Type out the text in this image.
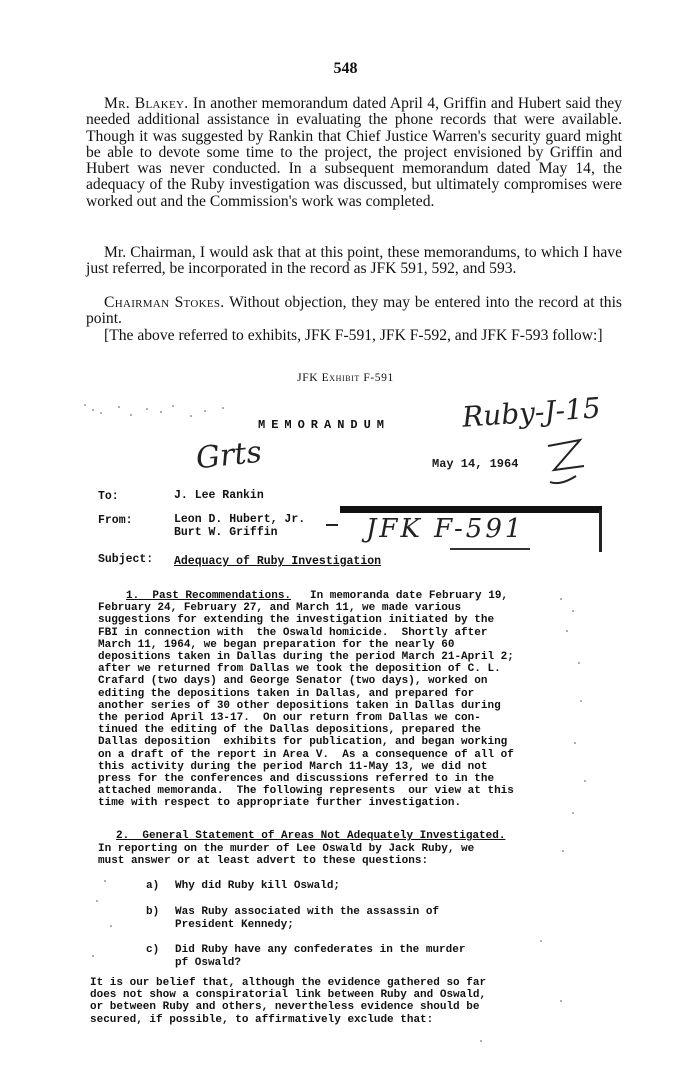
548
Mr. Blakey. In another memorandum dated April 4, Griffin and Hubert said they needed additional assistance in evaluating the phone records that were available. Though it was suggested by Rankin that Chief Justice Warren's security guard might be able to devote some time to the project, the project envisioned by Griffin and Hubert was never conducted. In a subsequent memorandum dated May 14, the adequacy of the Ruby investigation was discussed, but ultimately compromises were worked out and the Commission's work was completed.
Mr. Chairman, I would ask that at this point, these memorandums, to which I have just referred, be incorporated in the record as JFK 591, 592, and 593.
Chairman Stokes. Without objection, they may be entered into the record at this point.
[The above referred to exhibits, JFK F-591, JFK F-592, and JFK F-593 follow:]
JFK Exhibit F-591
MEMORANDUM	Ruby-J-15
Grts	May 14, 1964
To:	J. Lee Rankin
From:	Leon D. Hubert, Jr.
Burt W. Griffin	JFK F-591
Subject: Adequacy of Ruby Investigation
1.  Past Recommendations.	In memoranda date February 19,
February 24, February 27, and March 11, we made various
suggestions for extending the investigation initiated by the
FBI in connection with  the Oswald homicide.  Shortly after
March 11, 1964, we began preparation for the nearly 60
depositions taken in Dallas during the period March 21-April 2;
after we returned from Dallas we took the deposition of C. L.
Crafard (two days) and George Senator (two days), worked on
editing the depositions taken in Dallas, and prepared for
another series of 30 other depositions taken in Dallas during
the period April 13-17.  On our return from Dallas we con-
tinued the editing of the Dallas depositions, prepared the
Dallas deposition  exhibits for publication, and began working
on a draft of the report in Area V.  As a consequence of all of
this activity during the period March 11-May 13, we did not
press for the conferences and discussions referred to in the
attached memoranda.  The following represents  our view at this
time with respect to appropriate further investigation.
2.  General Statement of Areas Not Adequately Investigated.
In reporting on the murder of Lee Oswald by Jack Ruby, we
must answer or at least advert to these questions:
a) Why did Ruby kill Oswald;
b) Was Ruby associated with the assassin of
President Kennedy;
c) Did Ruby have any confederates in the murder
pf Oswald?
It is our belief that, although the evidence gathered so far
does not show a conspiratorial link between Ruby and Oswald,
or between Ruby and others, nevertheless evidence should be
secured, if possible, to affirmatively exclude that:
